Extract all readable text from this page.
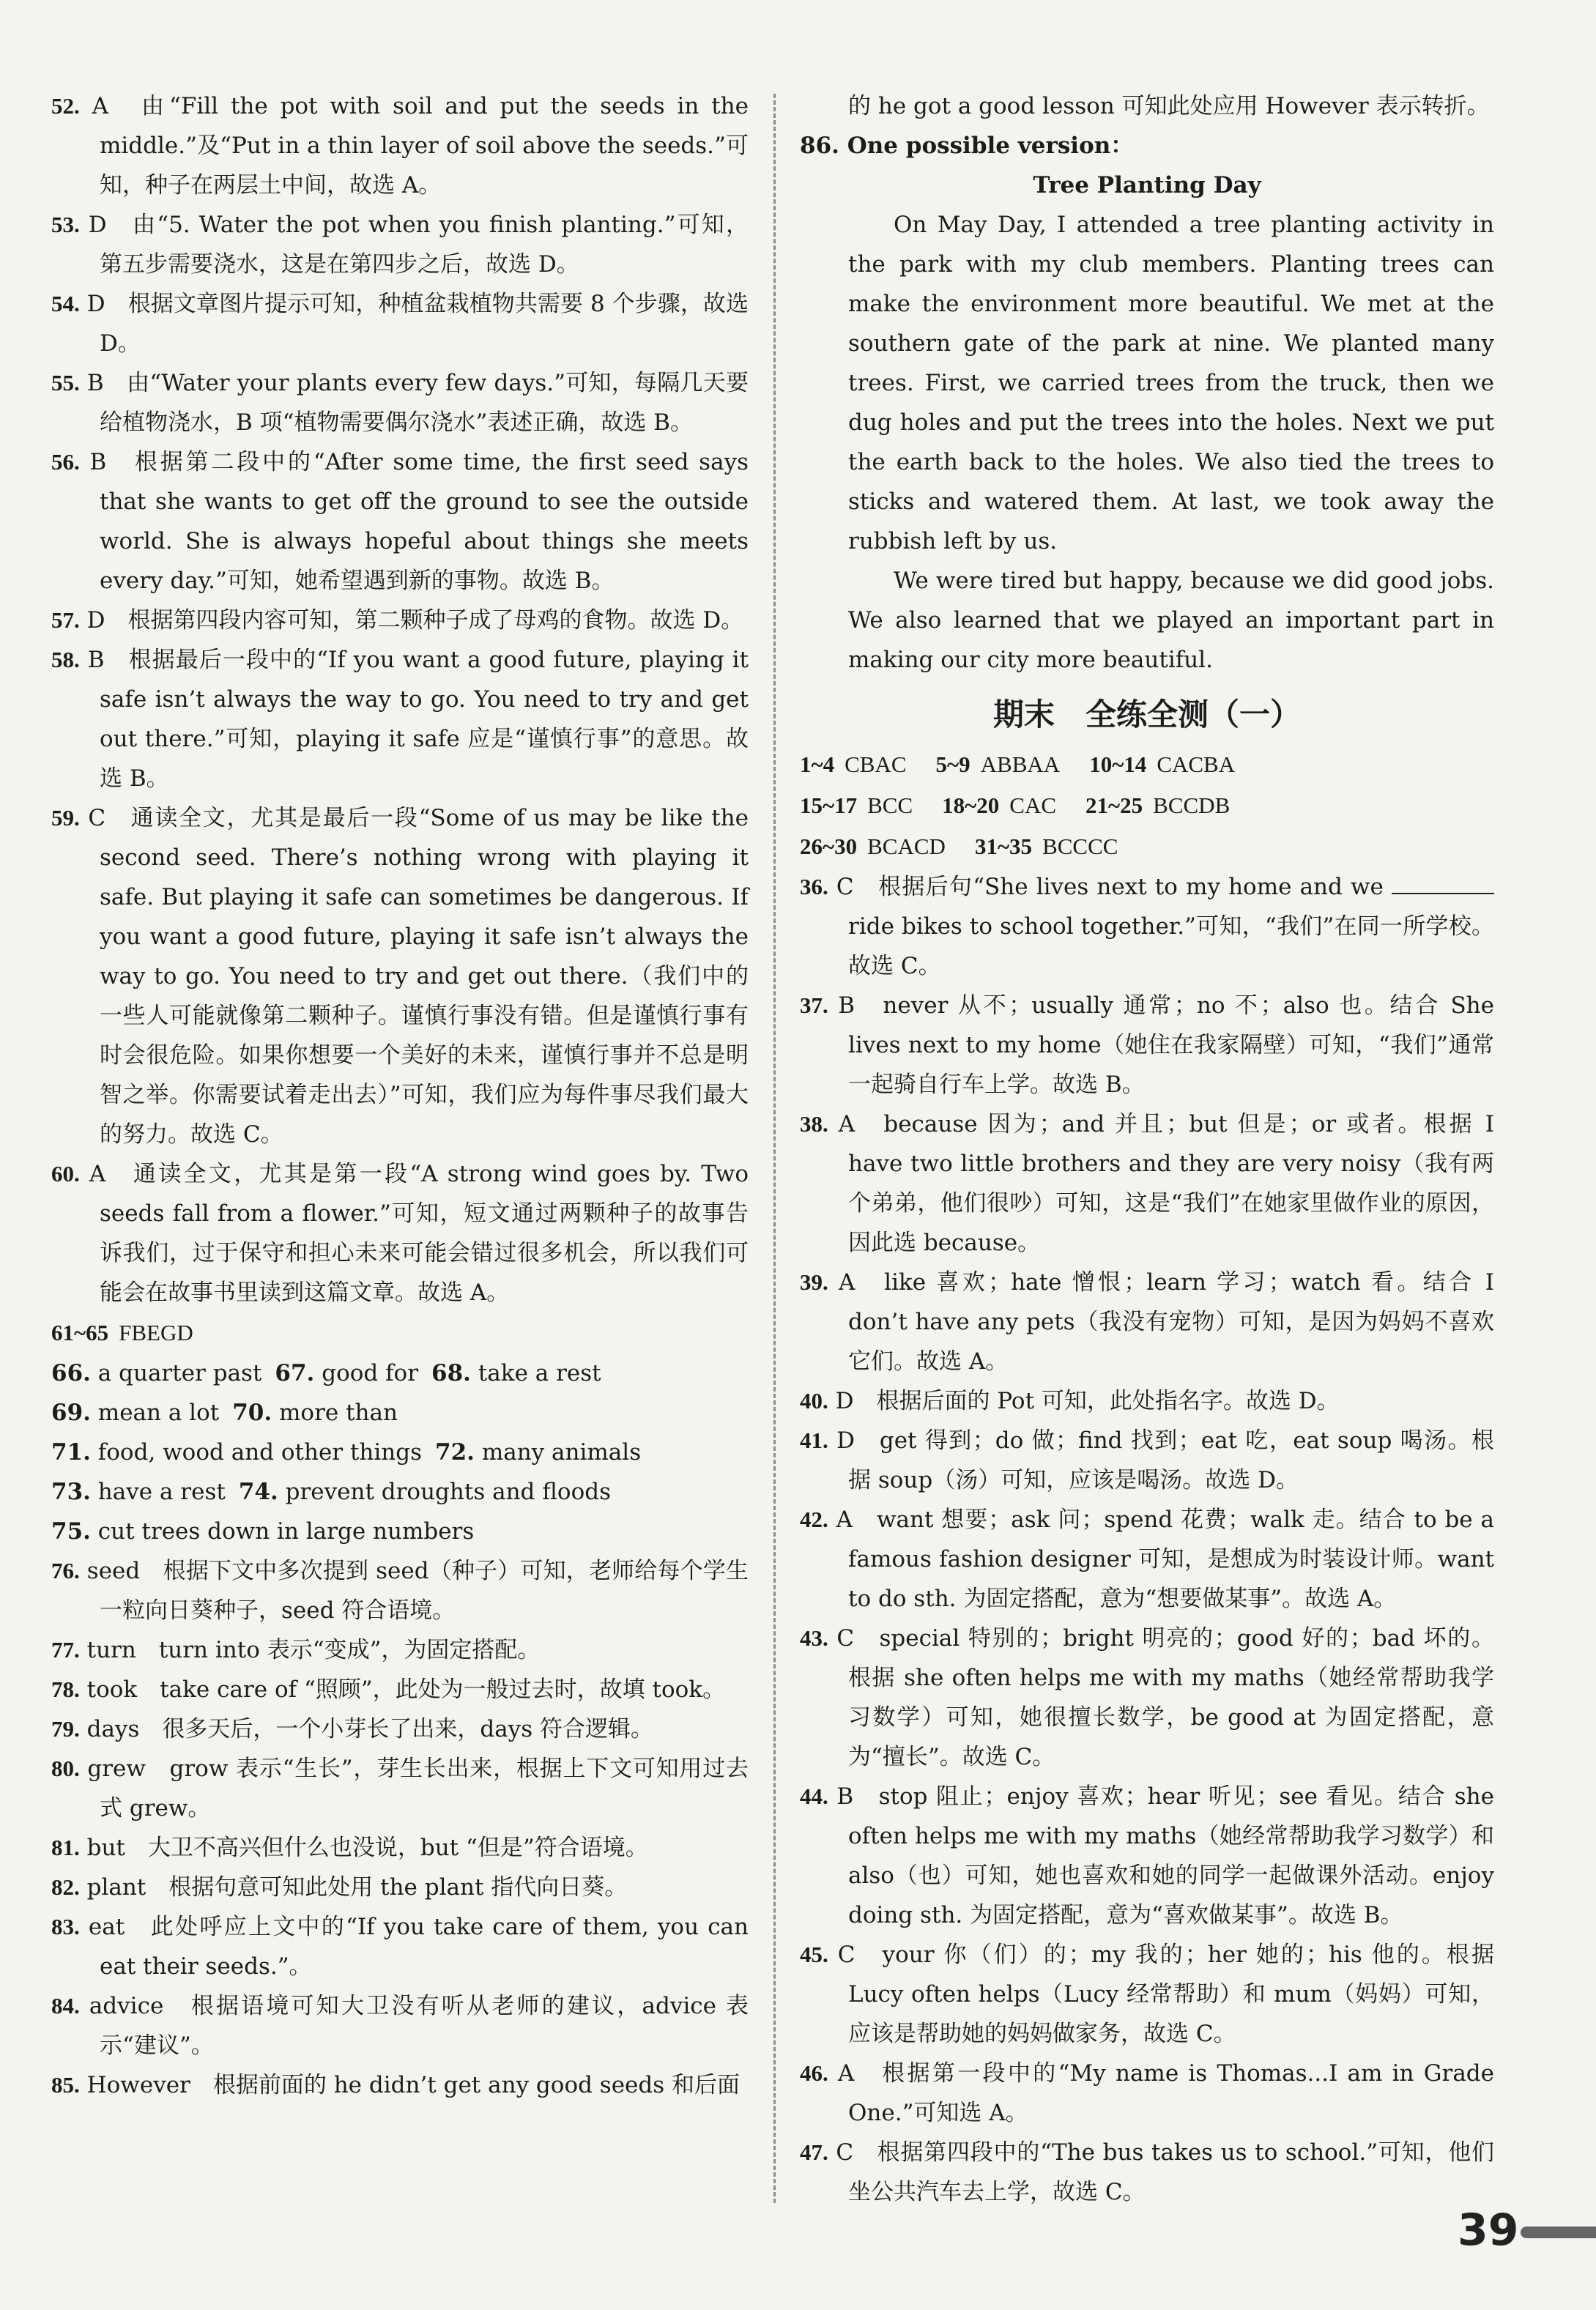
52. A　由“Fill the pot with soil and put the seeds in the middle.”及“Put in a thin layer of soil above the seeds.”可知，种子在两层土中间，故选 A。
53. D　由“5. Water the pot when you finish planting.”可知，第五步需要浇水，这是在第四步之后，故选 D。
54. D　根据文章图片提示可知，种植盆栽植物共需要 8 个步骤，故选 D。
55. B　由“Water your plants every few days.”可知，每隔几天要给植物浇水，B 项“植物需要偶尔浇水”表述正确，故选 B。
56. B　根据第二段中的“After some time, the first seed says that she wants to get off the ground to see the outside world. She is always hopeful about things she meets every day.”可知，她希望遇到新的事物。故选 B。
57. D　根据第四段内容可知，第二颗种子成了母鸡的食物。故选 D。
58. B　根据最后一段中的“If you want a good future, playing it safe isn’t always the way to go. You need to try and get out there.”可知，playing it safe 应是“谨慎行事”的意思。故选 B。
59. C　通读全文，尤其是最后一段“Some of us may be like the second seed. There’s nothing wrong with playing it safe. But playing it safe can sometimes be dangerous. If you want a good future, playing it safe isn’t always the way to go. You need to try and get out there.（我们中的一些人可能就像第二颗种子。谨慎行事没有错。但是谨慎行事有时会很危险。如果你想要一个美好的未来，谨慎行事并不总是明智之举。你需要试着走出去）”可知，我们应为每件事尽我们最大的努力。故选 C。
60. A　通读全文，尤其是第一段“A strong wind goes by. Two seeds fall from a flower.”可知，短文通过两颗种子的故事告诉我们，过于保守和担心未来可能会错过很多机会，所以我们可能会在故事书里读到这篇文章。故选 A。
61~65 FBEGD
66. a quarter past 67. good for 68. take a rest
69. mean a lot 70. more than
71. food, wood and other things 72. many animals
73. have a rest 74. prevent droughts and floods
75. cut trees down in large numbers
76. seed　根据下文中多次提到 seed（种子）可知，老师给每个学生一粒向日葵种子，seed 符合语境。
77. turn　turn into 表示“变成”，为固定搭配。
78. took　take care of “照顾”，此处为一般过去时，故填 took。
79. days　很多天后，一个小芽长了出来，days 符合逻辑。
80. grew　grow 表示“生长”，芽生长出来，根据上下文可知用过去式 grew。
81. but　大卫不高兴但什么也没说，but “但是”符合语境。
82. plant　根据句意可知此处用 the plant 指代向日葵。
83. eat　此处呼应上文中的“If you take care of them, you can eat their seeds.”。
84. advice　根据语境可知大卫没有听从老师的建议，advice 表示“建议”。
85. However　根据前面的 he didn’t get any good seeds 和后面
的 he got a good lesson 可知此处应用 However 表示转折。
86. One possible version：
Tree Planting Day

On May Day, I attended a tree planting activity in the park with my club members. Planting trees can make the environment more beautiful. We met at the southern gate of the park at nine. We planted many trees. First, we carried trees from the truck, then we dug holes and put the trees into the holes. Next we put the earth back to the holes. We also tied the trees to sticks and watered them. At last, we took away the rubbish left by us.

We were tired but happy, because we did good jobs. We also learned that we played an important part in making our city more beautiful.

期末　全练全测（一）
1~4 CBAC 5~9 ABBAA 10~14 CACBA
15~17 BCC 18~20 CAC 21~25 BCCDB
26~30 BCACD 31~35 BCCCC
36. C　根据后句“She lives next to my home and we  ride bikes to school together.”可知，“我们”在同一所学校。故选 C。
37. B　never 从不；usually 通常；no 不；also 也。结合 She lives next to my home（她住在我家隔壁）可知，“我们”通常一起骑自行车上学。故选 B。
38. A　because 因为；and 并且；but 但是；or 或者。根据 I have two little brothers and they are very noisy（我有两个弟弟，他们很吵）可知，这是“我们”在她家里做作业的原因，因此选 because。
39. A　like 喜欢；hate 憎恨；learn 学习；watch 看。结合 I don’t have any pets（我没有宠物）可知，是因为妈妈不喜欢它们。故选 A。
40. D　根据后面的 Pot 可知，此处指名字。故选 D。
41. D　get 得到；do 做；find 找到；eat 吃，eat soup 喝汤。根据 soup（汤）可知，应该是喝汤。故选 D。
42. A　want 想要；ask 问；spend 花费；walk 走。结合 to be a famous fashion designer 可知，是想成为时装设计师。want to do sth. 为固定搭配，意为“想要做某事”。故选 A。
43. C　special 特别的；bright 明亮的；good 好的；bad 坏的。根据 she often helps me with my maths（她经常帮助我学习数学）可知，她很擅长数学，be good at 为固定搭配，意为“擅长”。故选 C。
44. B　stop 阻止；enjoy 喜欢；hear 听见；see 看见。结合 she often helps me with my maths（她经常帮助我学习数学）和 also（也）可知，她也喜欢和她的同学一起做课外活动。enjoy doing sth. 为固定搭配，意为“喜欢做某事”。故选 B。
45. C　your 你（们）的；my 我的；her 她的；his 他的。根据 Lucy often helps（Lucy 经常帮助）和 mum（妈妈）可知，应该是帮助她的妈妈做家务，故选 C。
46. A　根据第一段中的“My name is Thomas...I am in Grade One.”可知选 A。
47. C　根据第四段中的“The bus takes us to school.”可知，他们坐公共汽车去上学，故选 C。
39
